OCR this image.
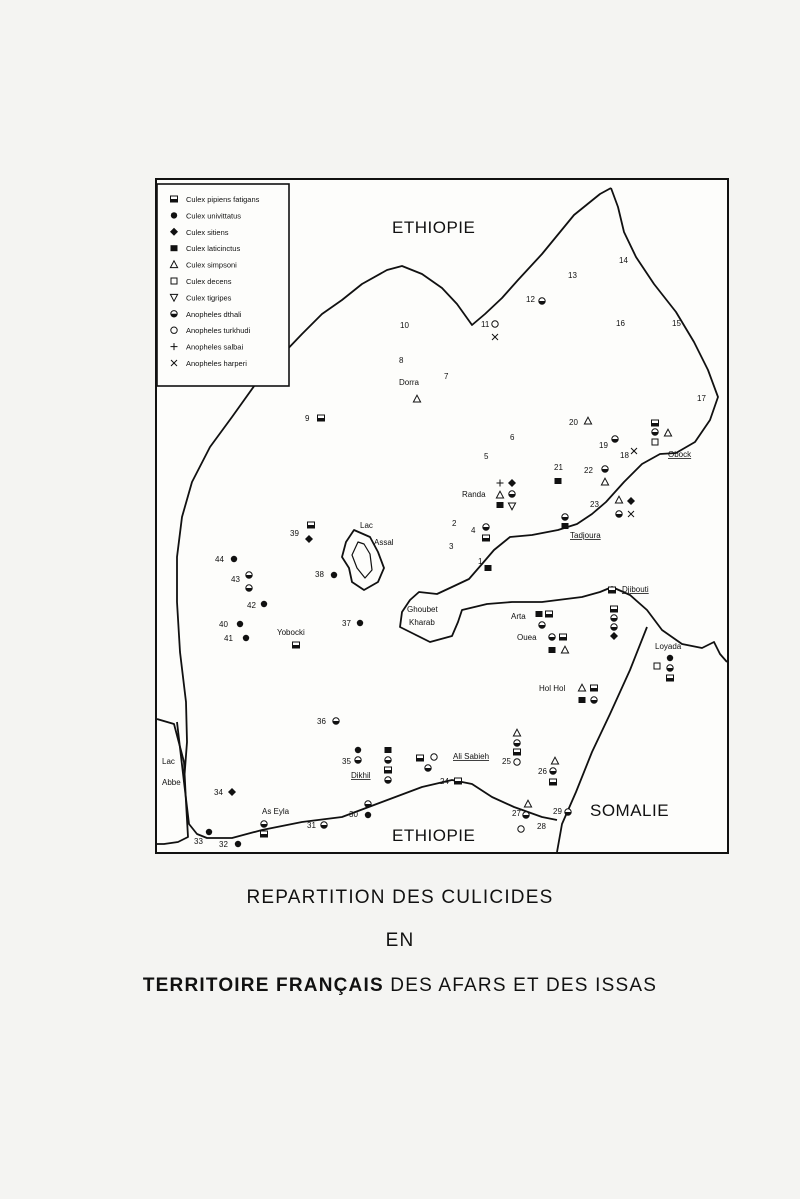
Culex pipiens fatigans
Culex univittatus
Culex sitiens
Culex laticinctus
Culex simpsoni
Culex decens
Culex tigripes
Anopheles dthali
Anopheles turkhudi
Anopheles salbai
Anopheles harperi
ETHIOPIE
ETHIOPIE
SOMALIE
Dorra
Randa
Tadjoura
Obock
Djibouti
Lac
Assal
Ghoubet
Kharab
Arta
Ouea
Loyada
Yobocki
Hol Hol
Ali Sabieh
Dikhil
As Eyla
Lac
Abbe
1
2
3
4
5
6
7
8
9
10	11
12
13
14
15
16
17
18
19
20
21	22
23
24
25
26
27
28
29
30
31
32
33
34
35
36
37
38
39
40
41
42
43
44
REPARTITION DES CULICIDES
EN
TERRITOIRE FRANÇAIS DES AFARS ET DES ISSAS
